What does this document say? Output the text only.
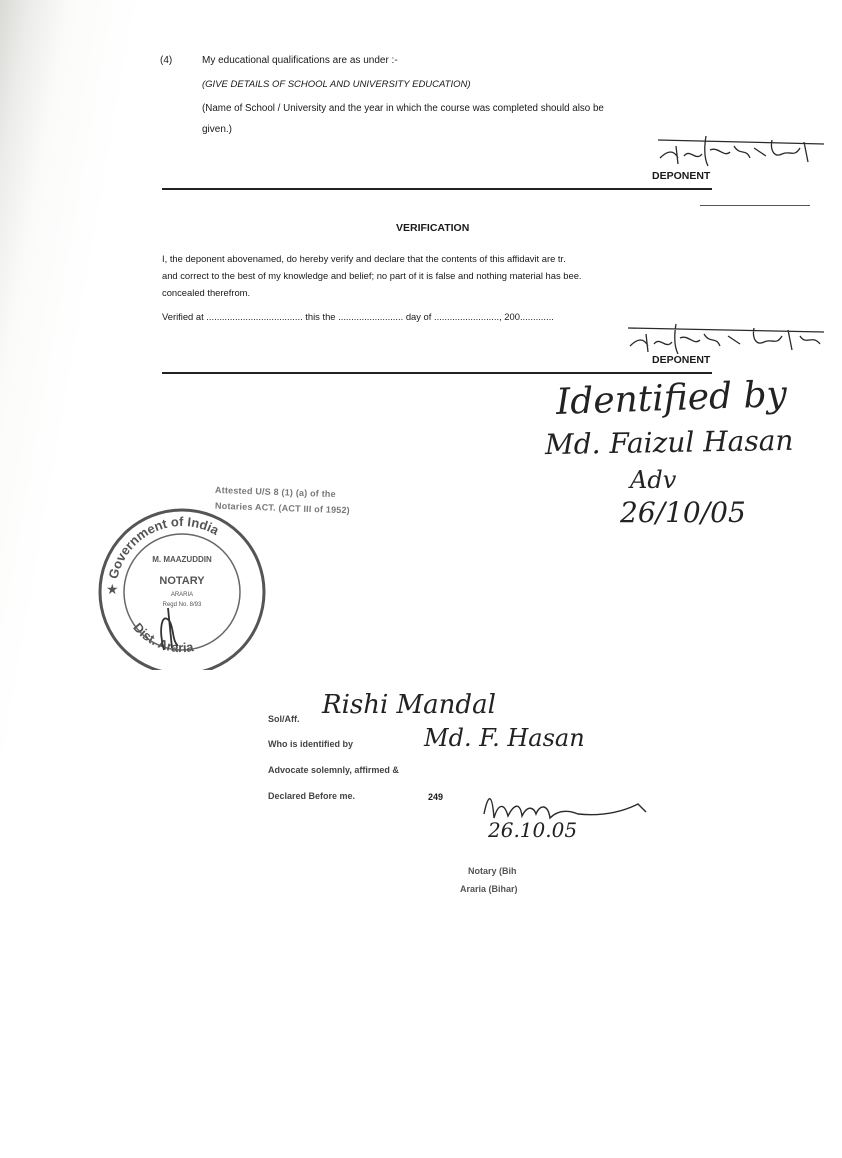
(4)	My educational qualifications are as under :-
(GIVE DETAILS OF SCHOOL AND UNIVERSITY EDUCATION)
(Name of School / University and the year in which the course was completed should also be
given.)
DEPONENT
VERIFICATION
I, the deponent abovenamed, do hereby verify and declare that the contents of this affidavit are tr.
and correct to the best of my knowledge and belief; no part of it is false and nothing material has bee.
concealed therefrom.
Verified at ..................................... this the ......................... day of ........................., 200.............
DEPONENT
Identified by
Md. Faizul Hasan
Adv
26/10/05
Attested U/S 8 (1) (a) of the
Notaries ACT. (ACT III of 1952)
Government of India
Dist. Araria
★
M. MAAZUDDIN
NOTARY
ARARIA
Regd No. 8/93
Sol/Aff. Rishi Mandal
Who is identified by	Md. F. Hasan
Advocate solemnly, affirmed &
Declared Before me.	249
26.10.05
Notary (Bih
Araria (Bihar)
